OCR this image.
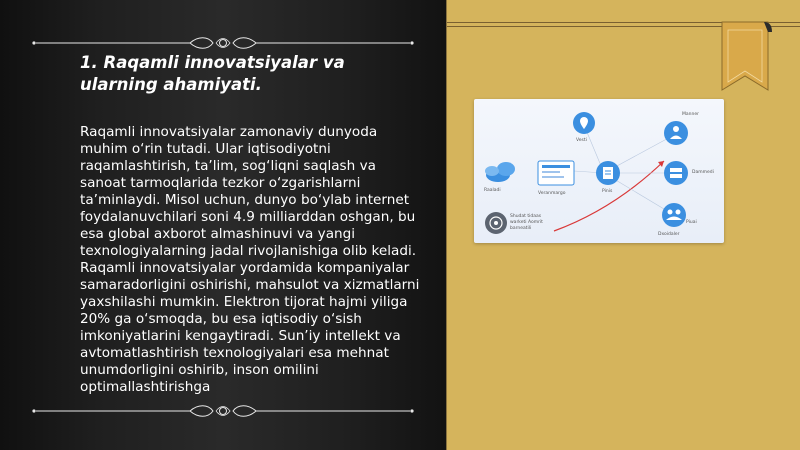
1. Raqamli innovatsiyalar va ularning ahamiyati.
Raqamli innovatsiyalar zamonaviy dunyoda muhim o‘rin tutadi. Ular iqtisodiyotni raqamlashtirish, ta’lim, sog‘liqni saqlash va sanoat tarmoqlarida tezkor o‘zgarishlarni ta’minlaydi. Misol uchun, dunyo bo‘ylab internet foydalanuvchilari soni 4.9 milliarddan oshgan, bu esa global axborot almashinuvi va yangi texnologiyalarning jadal rivojlanishiga olib keladi. Raqamli innovatsiyalar yordamida kompaniyalar samaradorligini oshirishi, mahsulot va xizmatlarni yaxshilashi mumkin. Elektron tijorat hajmi yiligа 20% ga o‘smoqda, bu esa iqtisodiy o‘sish imkoniyatlarini kengaytiradi. Sun’iy intellekt va avtomatlashtirish texnologiyalari esa mehnat unumdorligini oshirib, inson omilini optimallashtirishga
Raaladi
Veranmargo
Vesti
Pinis
Manner
Dammedi
Piuai
Dxoidaler
Shudat tidaas
warketi Aomrit
barneatili
